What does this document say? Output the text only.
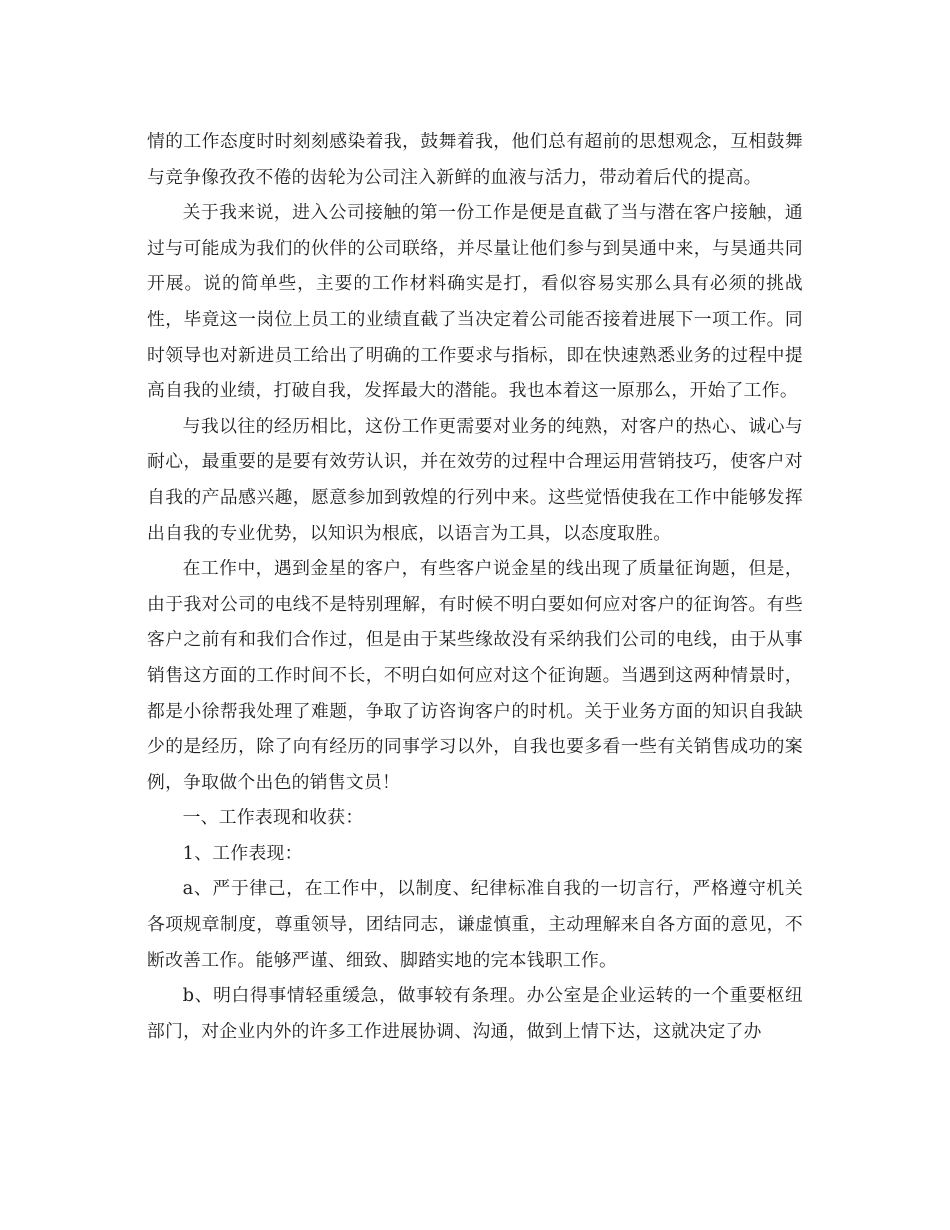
情的工作态度时时刻刻感染着我，鼓舞着我，他们总有超前的思想观念，互相鼓舞与竞争像孜孜不倦的齿轮为公司注入新鲜的血液与活力，带动着后代的提高。

关于我来说，进入公司接触的第一份工作是便是直截了当与潜在客户接触，通过与可能成为我们的伙伴的公司联络，并尽量让他们参与到昊通中来，与昊通共同开展。说的简单些，主要的工作材料确实是打，看似容易实那么具有必须的挑战性，毕竟这一岗位上员工的业绩直截了当决定着公司能否接着进展下一项工作。同时领导也对新进员工给出了明确的工作要求与指标，即在快速熟悉业务的过程中提高自我的业绩，打破自我，发挥最大的潜能。我也本着这一原那么，开始了工作。

与我以往的经历相比，这份工作更需要对业务的纯熟，对客户的热心、诚心与耐心，最重要的是要有效劳认识，并在效劳的过程中合理运用营销技巧，使客户对自我的产品感兴趣，愿意参加到敦煌的行列中来。这些觉悟使我在工作中能够发挥出自我的专业优势，以知识为根底，以语言为工具，以态度取胜。

在工作中，遇到金星的客户，有些客户说金星的线出现了质量征询题，但是，由于我对公司的电线不是特别理解，有时候不明白要如何应对客户的征询答。有些客户之前有和我们合作过，但是由于某些缘故没有采纳我们公司的电线，由于从事销售这方面的工作时间不长，不明白如何应对这个征询题。当遇到这两种情景时，都是小徐帮我处理了难题，争取了访咨询客户的时机。关于业务方面的知识自我缺少的是经历，除了向有经历的同事学习以外，自我也要多看一些有关销售成功的案例，争取做个出色的销售文员！

一、工作表现和收获：

1、工作表现：

a、严于律己，在工作中，以制度、纪律标准自我的一切言行，严格遵守机关各项规章制度，尊重领导，团结同志，谦虚慎重，主动理解来自各方面的意见，不断改善工作。能够严谨、细致、脚踏实地的完本钱职工作。

b、明白得事情轻重缓急，做事较有条理。办公室是企业运转的一个重要枢纽部门，对企业内外的许多工作进展协调、沟通，做到上情下达，这就决定了办
